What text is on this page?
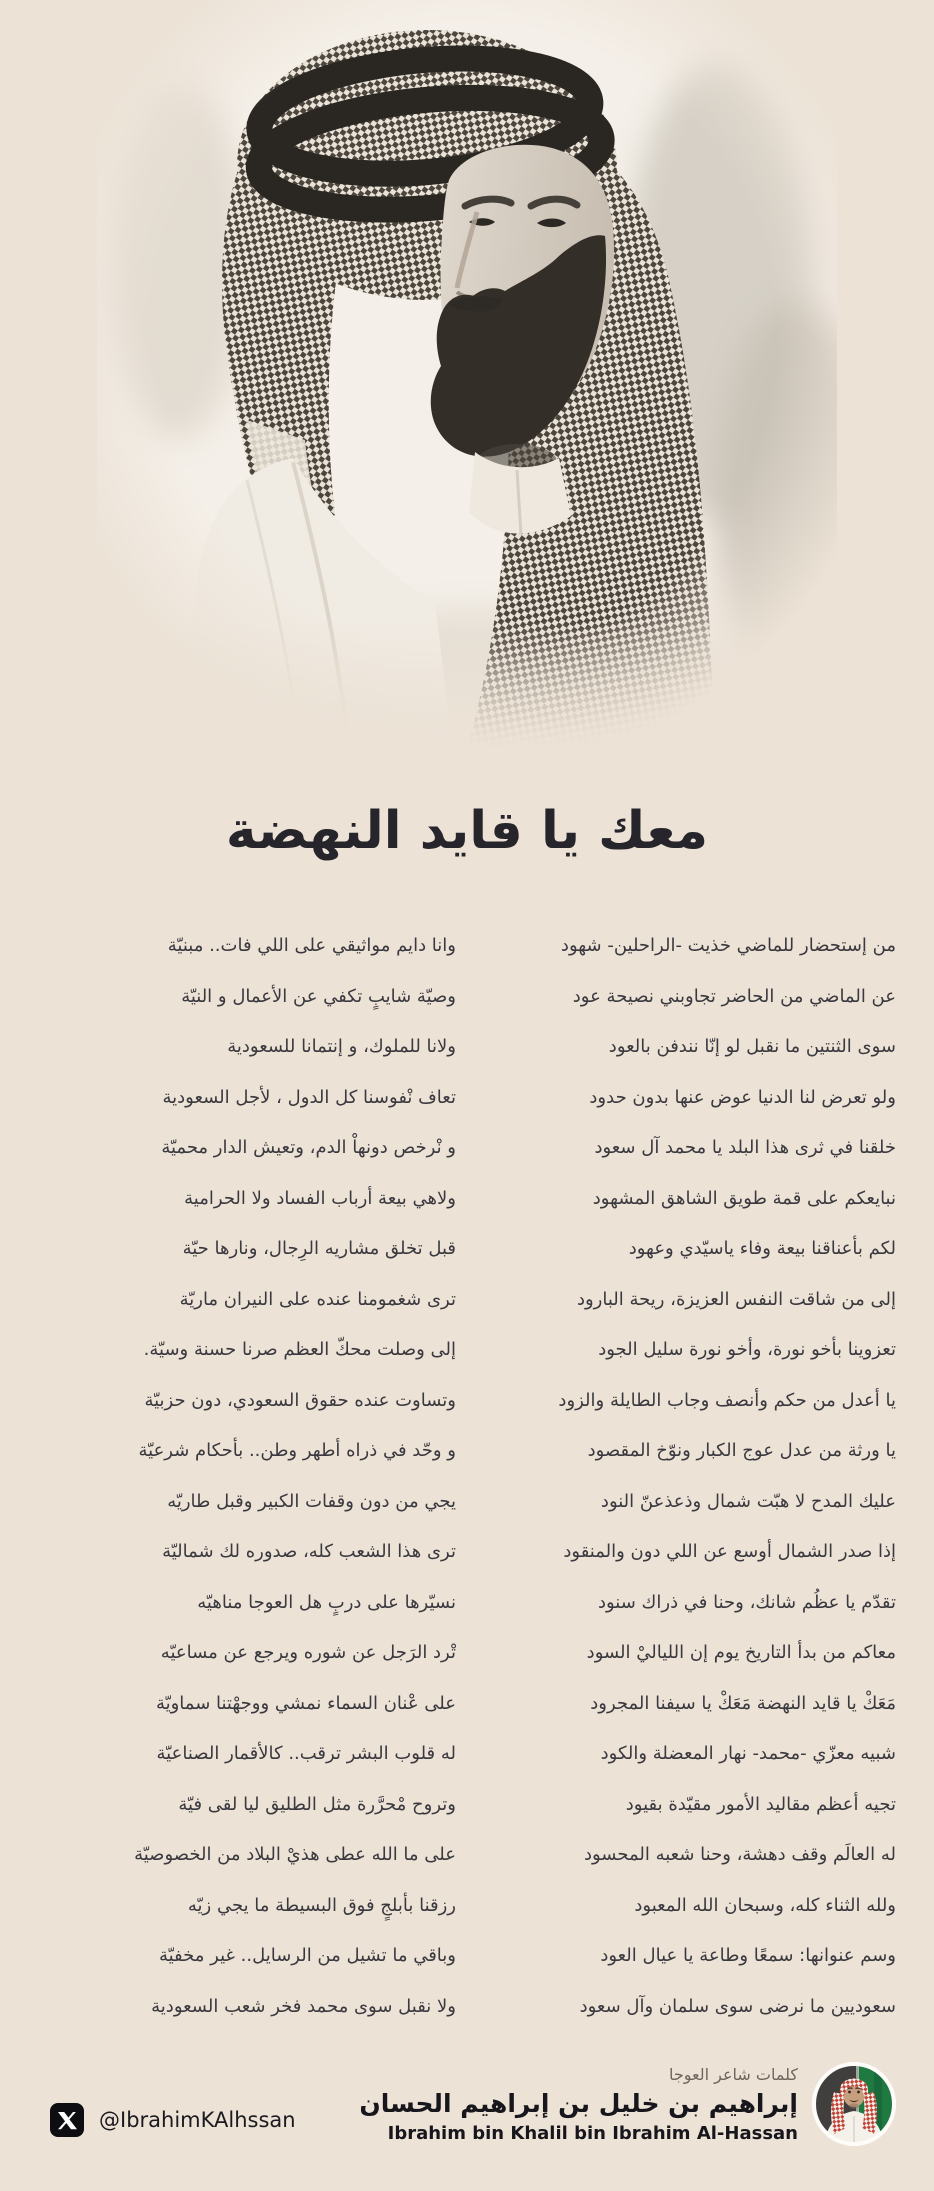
معك يا قايد النهضة
من إستحضار للماضي خذيت -الراحلين- شهود
عن الماضي من الحاضر تجاوبني نصيحة عود
سوى الثنتين ما نقبل لو إنّا نندفن بالعود
ولو تعرض لنا الدنيا عوض عنها بدون حدود
خلقنا في ثرى هذا البلد يا محمد آل سعود
نبايعكم على قمة طويق الشاهق المشهود
لكم بأعناقنا بيعة وفاء ياسيّدي وعهود
إلى من شاقت النفس العزيزة، ريحة البارود
تعزوينا بأخو نورة، وأخو نورة سليل الجود
يا أعدل من حكم وأنصف وجاب الطايلة والزود
يا ورثة من عدل عوج الكبار ونوّخ المقصود
عليك المدح لا هبّت شمال وذعذعنّ النود
إذا صدر الشمال أوسع عن اللي دون والمنقود
تقدّم يا عظُم شانك، وحنا في ذراك سنود
معاكم من بدأ التاريخ يوم إن اللياليْ السود
مَعَكْ يا قايد النهضة مَعَكْ يا سيفنا المجرود
شبيه معزّي -محمد- نهار المعضلة والكود
تجيه أعظم مقاليد الأمور مقيّدة بقيود
له العالَم وقف دهشة، وحنا شعبه المحسود
ولله الثناء كله، وسبحان الله المعبود
وسم عنوانها: سمعًا وطاعة يا عيال العود
سعوديين ما نرضى سوى سلمان وآل سعود
وانا دايم مواثيقي على اللي فات.. مبنيّة
وصيّة شايبٍ تكفي عن الأعمال و النيّة
ولانا للملوك، و إنتمانا للسعودية
تعاف نْفوسنا كل الدول ، لأجل السعودية
و نْرخص دونهاْ الدم، وتعيش الدار محميّة
ولاهي بيعة أرباب الفساد ولا الحرامية
قبل تخلق مشاريه الرِجال، ونارها حيّة
ترى شغمومنا عنده على النيران ماريّة
إلى وصلت محكّ العظم صرنا حسنة وسيّة.
وتساوت عنده حقوق السعودي، دون حزبيّة
و وحّد في ذراه أطهر وطن.. بأحكام شرعيّة
يجي من دون وقفات الكبير وقبل طاريّه
ترى هذا الشعب كله، صدوره لك شماليّة
نسيّرها على دربٍ هل العوجا مناهيّه
تْرد الرَجل عن شوره ويرجع عن مساعيّه
على عْنان السماء نمشي ووجهْتنا سماويّة
له قلوب البشر ترقب.. كالأقمار الصناعيّة
وتروح مْحرَّرة مثل الطليق ليا لقى فيّة
على ما الله عطى هذيْ البلاد من الخصوصيّة
رزقنا بأبلجٍ فوق البسيطة ما يجي زيّه
وباقي ما تشيل من الرسايل.. غير مخفيّة
ولا نقبل سوى محمد فخر شعب السعودية
كلمات شاعر العوجا
إبراهيم بن خليل بن إبراهيم الحسان
Ibrahim bin Khalil bin Ibrahim Al-Hassan
@IbrahimKAlhssan
